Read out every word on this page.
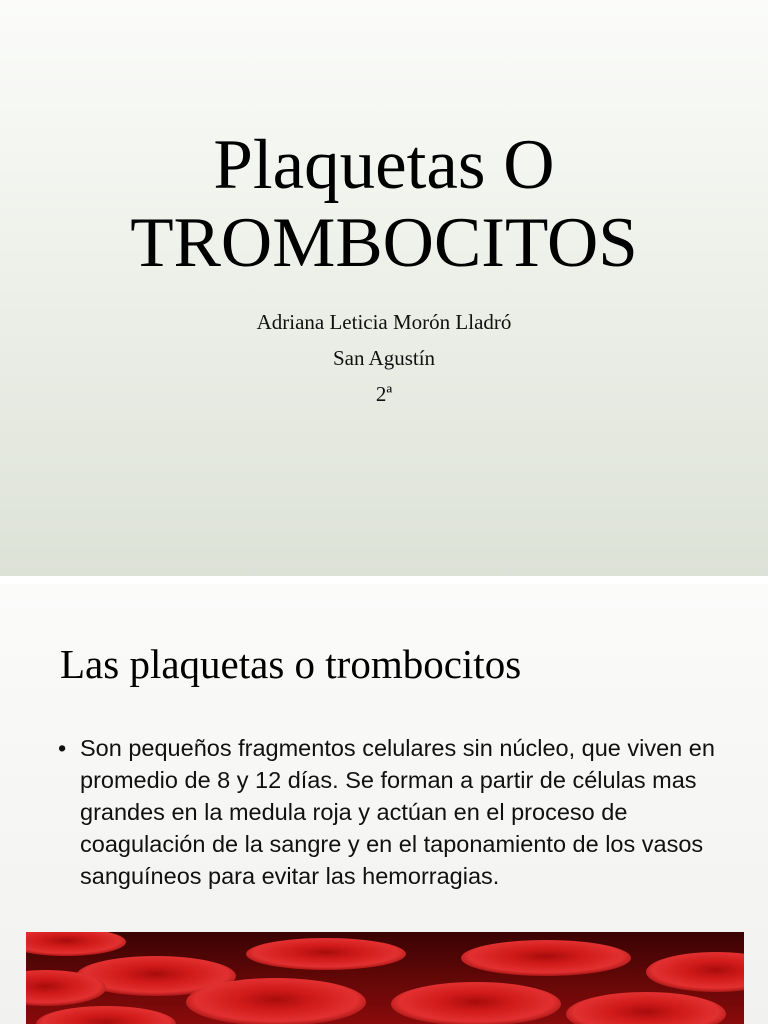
Plaquetas O
TROMBOCITOS
Adriana Leticia Morón Lladró
San Agustín
2ª
Las plaquetas o trombocitos
• Son pequeños fragmentos celulares sin núcleo, que viven en promedio de 8 y 12 días. Se forman a partir de células mas grandes en la medula roja y actúan en el proceso de coagulación de la sangre y en el taponamiento de los vasos sanguíneos para evitar las hemorragias.
